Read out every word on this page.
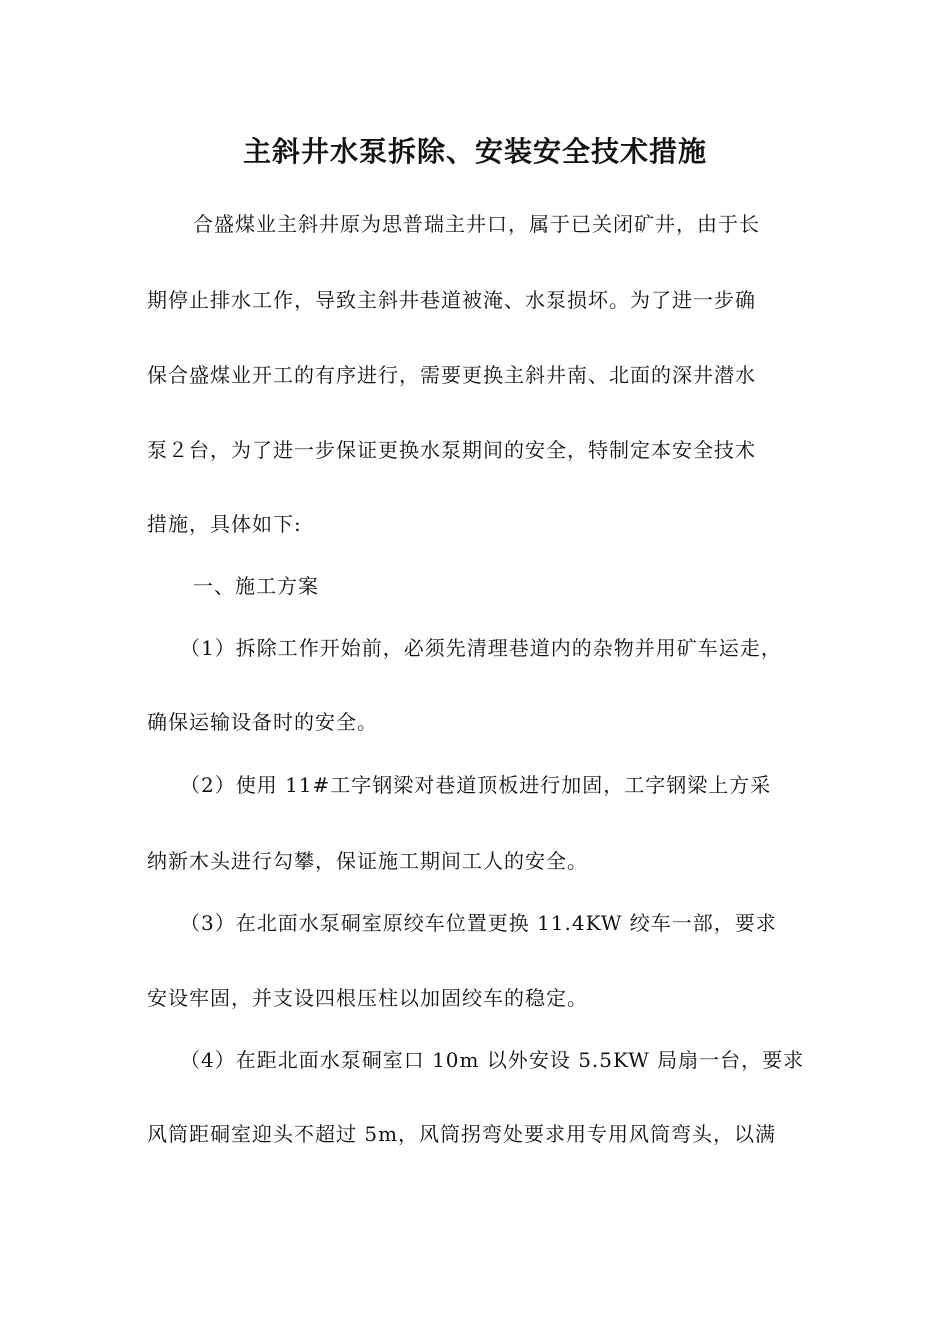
主斜井水泵拆除、安装安全技术措施
合盛煤业主斜井原为思普瑞主井口，属于已关闭矿井，由于长
期停止排水工作，导致主斜井巷道被淹、水泵损坏。为了进一步确
保合盛煤业开工的有序进行，需要更换主斜井南、北面的深井潜水
泵２台，为了进一步保证更换水泵期间的安全，特制定本安全技术
措施，具体如下:
一、施工方案
（1）拆除工作开始前，必须先清理巷道内的杂物并用矿车运走，
确保运输设备时的安全。
（2）使用 11#工字钢梁对巷道顶板进行加固，工字钢梁上方采
纳新木头进行勾攀，保证施工期间工人的安全。
（3）在北面水泵硐室原绞车位置更换 11.4KW 绞车一部，要求
安设牢固，并支设四根压柱以加固绞车的稳定。
（4）在距北面水泵硐室口 10m 以外安设 5.5KW 局扇一台，要求
风筒距硐室迎头不超过 5m，风筒拐弯处要求用专用风筒弯头，以满
